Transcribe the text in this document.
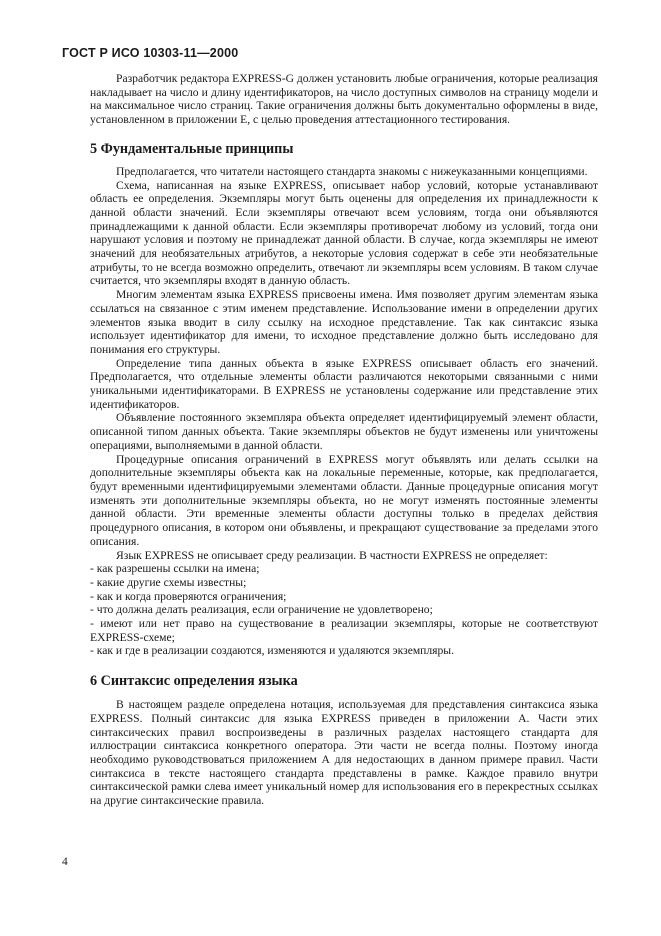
ГОСТ Р ИСО 10303-11—2000

Разработчик редактора EXPRESS-G должен установить любые ограничения, которые реализация накладывает на число и длину идентификаторов, на число доступных символов на страницу модели и на максимальное число страниц. Такие ограничения должны быть документально оформлены в виде, установленном в приложении Е, с целью проведения аттестационного тестирования.

5 Фундаментальные принципы

Предполагается, что читатели настоящего стандарта знакомы с нижеуказанными концепциями.

Схема, написанная на языке EXPRESS, описывает набор условий, которые устанавливают область ее определения. Экземпляры могут быть оценены для определения их принадлежности к данной области значений. Если экземпляры отвечают всем условиям, тогда они объявляются принадлежащими к данной области. Если экземпляры противоречат любому из условий, тогда они нарушают условия и поэтому не принадлежат данной области. В случае, когда экземпляры не имеют значений для необязательных атрибутов, а некоторые условия содержат в себе эти необязательные атрибуты, то не всегда возможно определить, отвечают ли экземпляры всем условиям. В таком случае считается, что экземпляры входят в данную область.

Многим элементам языка EXPRESS присвоены имена. Имя позволяет другим элементам языка ссылаться на связанное с этим именем представление. Использование имени в определении других элементов языка вводит в силу ссылку на исходное представление. Так как синтаксис языка использует идентификатор для имени, то исходное представление должно быть исследовано для понимания его структуры.

Определение типа данных объекта в языке EXPRESS описывает область его значений. Предполагается, что отдельные элементы области различаются некоторыми связанными с ними уникальными идентификаторами. В EXPRESS не установлены содержание или представление этих идентификаторов.

Объявление постоянного экземпляра объекта определяет идентифицируемый элемент области, описанной типом данных объекта. Такие экземпляры объектов не будут изменены или уничтожены операциями, выполняемыми в данной области.

Процедурные описания ограничений в EXPRESS могут объявлять или делать ссылки на дополнительные экземпляры объекта как на локальные переменные, которые, как предполагается, будут временными идентифицируемыми элементами области. Данные процедурные описания могут изменять эти дополнительные экземпляры объекта, но не могут изменять постоянные элементы данной области. Эти временные элементы области доступны только в пределах действия процедурного описания, в котором они объявлены, и прекращают существование за пределами этого описания.

Язык EXPRESS не описывает среду реализации. В частности EXPRESS не определяет:

- как разрешены ссылки на имена;

- какие другие схемы известны;

- как и когда проверяются ограничения;

- что должна делать реализация, если ограничение не удовлетворено;

- имеют или нет право на существование в реализации экземпляры, которые не соответствуют EXPRESS-схеме;

- как и где в реализации создаются, изменяются и удаляются экземпляры.

6 Синтаксис определения языка

В настоящем разделе определена нотация, используемая для представления синтаксиса языка EXPRESS. Полный синтаксис для языка EXPRESS приведен в приложении А. Части этих синтаксических правил воспроизведены в различных разделах настоящего стандарта для иллюстрации синтаксиса конкретного оператора. Эти части не всегда полны. Поэтому иногда необходимо руководствоваться приложением А для недостающих в данном примере правил. Части синтаксиса в тексте настоящего стандарта представлены в рамке. Каждое правило внутри синтаксической рамки слева имеет уникальный номер для использования его в перекрестных ссылках на другие синтаксические правила.

4
